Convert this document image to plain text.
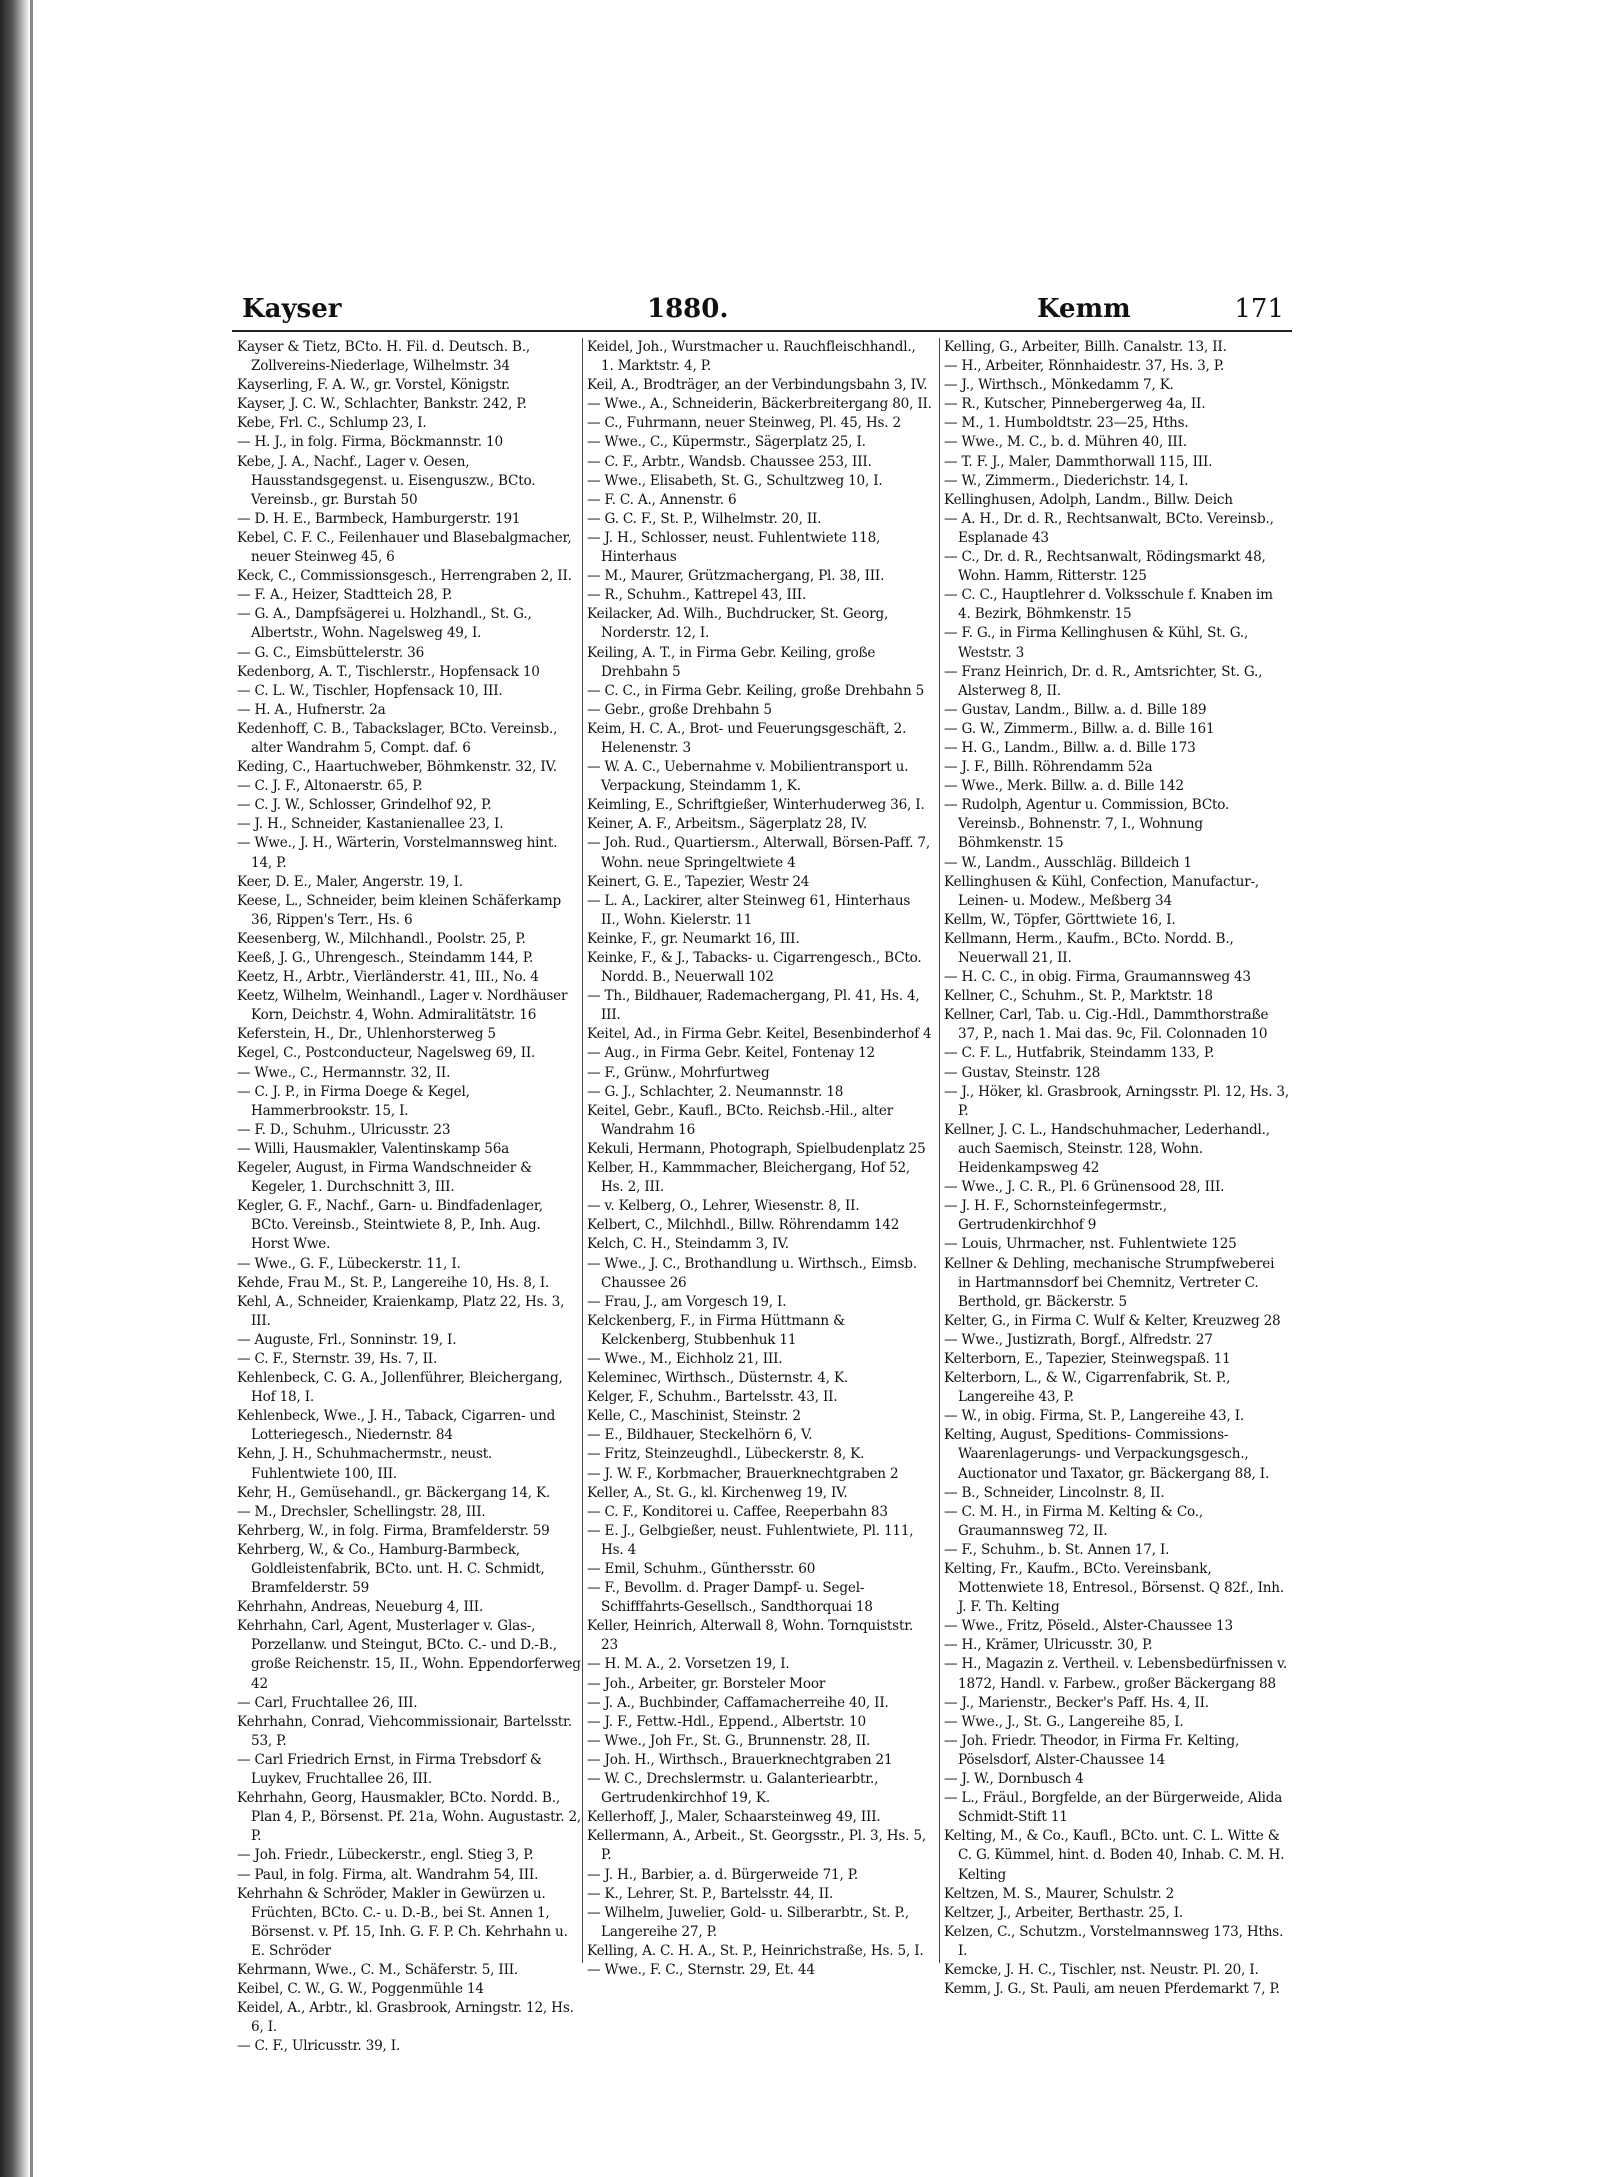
Kayser	1880.	Kemm	171

Kayser & Tietz, BCto. H. Fil. d. Deutsch. B., Zollvereins-Niederlage, Wilhelmstr. 34

Kayserling, F. A. W., gr. Vorstel, Königstr.

Kayser, J. C. W., Schlachter, Bankstr. 242, P.

Kebe, Frl. C., Schlump 23, I.

— H. J., in folg. Firma, Böckmannstr. 10

Kebe, J. A., Nachf., Lager v. Oesen, Hausstandsgegenst. u. Eisenguszw., BCto. Vereinsb., gr. Burstah 50

— D. H. E., Barmbeck, Hamburgerstr. 191

Kebel, C. F. C., Feilenhauer und Blasebalgmacher, neuer Steinweg 45, 6

Keck, C., Commissionsgesch., Herrengraben 2, II.

— F. A., Heizer, Stadtteich 28, P.

— G. A., Dampfsägerei u. Holzhandl., St. G., Albertstr., Wohn. Nagelsweg 49, I.

— G. C., Eimsbüttelerstr. 36

Kedenborg, A. T., Tischlerstr., Hopfensack 10

— C. L. W., Tischler, Hopfensack 10, III.

— H. A., Hufnerstr. 2a

Kedenhoff, C. B., Tabackslager, BCto. Vereinsb., alter Wandrahm 5, Compt. daf. 6

Keding, C., Haartuchweber, Böhmkenstr. 32, IV.

— C. J. F., Altonaerstr. 65, P.

— C. J. W., Schlosser, Grindelhof 92, P.

— J. H., Schneider, Kastanienallee 23, I.

— Wwe., J. H., Wärterin, Vorstelmannsweg hint. 14, P.

Keer, D. E., Maler, Angerstr. 19, I.

Keese, L., Schneider, beim kleinen Schäferkamp 36, Rippen's Terr., Hs. 6

Keesenberg, W., Milchhandl., Poolstr. 25, P.

Keeß, J. G., Uhrengesch., Steindamm 144, P.

Keetz, H., Arbtr., Vierländerstr. 41, III., No. 4

Keetz, Wilhelm, Weinhandl., Lager v. Nordhäuser Korn, Deichstr. 4, Wohn. Admiralitätstr. 16

Keferstein, H., Dr., Uhlenhorsterweg 5

Kegel, C., Postconducteur, Nagelsweg 69, II.

— Wwe., C., Hermannstr. 32, II.

— C. J. P., in Firma Doege & Kegel, Hammerbrookstr. 15, I.

— F. D., Schuhm., Ulricusstr. 23

— Willi, Hausmakler, Valentinskamp 56a

Kegeler, August, in Firma Wandschneider & Kegeler, 1. Durchschnitt 3, III.

Kegler, G. F., Nachf., Garn- u. Bindfadenlager, BCto. Vereinsb., Steintwiete 8, P., Inh. Aug. Horst Wwe.

— Wwe., G. F., Lübeckerstr. 11, I.

Kehde, Frau M., St. P., Langereihe 10, Hs. 8, I.

Kehl, A., Schneider, Kraienkamp, Platz 22, Hs. 3, III.

— Auguste, Frl., Sonninstr. 19, I.

— C. F., Sternstr. 39, Hs. 7, II.

Kehlenbeck, C. G. A., Jollenführer, Bleichergang, Hof 18, I.

Kehlenbeck, Wwe., J. H., Taback, Cigarren- und Lotteriegesch., Niedernstr. 84

Kehn, J. H., Schuhmachermstr., neust. Fuhlentwiete 100, III.

Kehr, H., Gemüsehandl., gr. Bäckergang 14, K.

— M., Drechsler, Schellingstr. 28, III.

Kehrberg, W., in folg. Firma, Bramfelderstr. 59

Kehrberg, W., & Co., Hamburg-Barmbeck, Goldleistenfabrik, BCto. unt. H. C. Schmidt, Bramfelderstr. 59

Kehrhahn, Andreas, Neueburg 4, III.

Kehrhahn, Carl, Agent, Musterlager v. Glas-, Porzellanw. und Steingut, BCto. C.- und D.-B., große Reichenstr. 15, II., Wohn. Eppendorferweg 42

— Carl, Fruchtallee 26, III.

Kehrhahn, Conrad, Viehcommissionair, Bartelsstr. 53, P.

— Carl Friedrich Ernst, in Firma Trebsdorf & Luykev, Fruchtallee 26, III.

Kehrhahn, Georg, Hausmakler, BCto. Nordd. B., Plan 4, P., Börsenst. Pf. 21a, Wohn. Augustastr. 2, P.

— Joh. Friedr., Lübeckerstr., engl. Stieg 3, P.

— Paul, in folg. Firma, alt. Wandrahm 54, III.

Kehrhahn & Schröder, Makler in Gewürzen u. Früchten, BCto. C.- u. D.-B., bei St. Annen 1, Börsenst. v. Pf. 15, Inh. G. F. P. Ch. Kehrhahn u. E. Schröder

Kehrmann, Wwe., C. M., Schäferstr. 5, III.

Keibel, C. W., G. W., Poggenmühle 14

Keidel, A., Arbtr., kl. Grasbrook, Arningstr. 12, Hs. 6, I.

— C. F., Ulricusstr. 39, I.

Keidel, Joh., Wurstmacher u. Rauchfleischhandl., 1. Marktstr. 4, P.

Keil, A., Brodträger, an der Verbindungsbahn 3, IV.

— Wwe., A., Schneiderin, Bäckerbreitergang 80, II.

— C., Fuhrmann, neuer Steinweg, Pl. 45, Hs. 2

— Wwe., C., Küpermstr., Sägerplatz 25, I.

— C. F., Arbtr., Wandsb. Chaussee 253, III.

— Wwe., Elisabeth, St. G., Schultzweg 10, I.

— F. C. A., Annenstr. 6

— G. C. F., St. P., Wilhelmstr. 20, II.

— J. H., Schlosser, neust. Fuhlentwiete 118, Hinterhaus

— M., Maurer, Grützmachergang, Pl. 38, III.

— R., Schuhm., Kattrepel 43, III.

Keilacker, Ad. Wilh., Buchdrucker, St. Georg, Norderstr. 12, I.

Keiling, A. T., in Firma Gebr. Keiling, große Drehbahn 5

— C. C., in Firma Gebr. Keiling, große Drehbahn 5

— Gebr., große Drehbahn 5

Keim, H. C. A., Brot- und Feuerungsgeschäft, 2. Helenenstr. 3

— W. A. C., Uebernahme v. Mobilientransport u. Verpackung, Steindamm 1, K.

Keimling, E., Schriftgießer, Winterhuderweg 36, I.

Keiner, A. F., Arbeitsm., Sägerplatz 28, IV.

— Joh. Rud., Quartiersm., Alterwall, Börsen-Paff. 7, Wohn. neue Springeltwiete 4

Keinert, G. E., Tapezier, Westr 24

— L. A., Lackirer, alter Steinweg 61, Hinterhaus II., Wohn. Kielerstr. 11

Keinke, F., gr. Neumarkt 16, III.

Keinke, F., & J., Tabacks- u. Cigarrengesch., BCto. Nordd. B., Neuerwall 102

— Th., Bildhauer, Rademachergang, Pl. 41, Hs. 4, III.

Keitel, Ad., in Firma Gebr. Keitel, Besenbinderhof 4

— Aug., in Firma Gebr. Keitel, Fontenay 12

— F., Grünw., Mohrfurtweg

— G. J., Schlachter, 2. Neumannstr. 18

Keitel, Gebr., Kaufl., BCto. Reichsb.-Hil., alter Wandrahm 16

Kekuli, Hermann, Photograph, Spielbudenplatz 25

Kelber, H., Kammmacher, Bleichergang, Hof 52, Hs. 2, III.

— v. Kelberg, O., Lehrer, Wiesenstr. 8, II.

Kelbert, C., Milchhdl., Billw. Röhrendamm 142

Kelch, C. H., Steindamm 3, IV.

— Wwe., J. C., Brothandlung u. Wirthsch., Eimsb. Chaussee 26

— Frau, J., am Vorgesch 19, I.

Kelckenberg, F., in Firma Hüttmann & Kelckenberg, Stubbenhuk 11

— Wwe., M., Eichholz 21, III.

Keleminec, Wirthsch., Düsternstr. 4, K.

Kelger, F., Schuhm., Bartelsstr. 43, II.

Kelle, C., Maschinist, Steinstr. 2

— E., Bildhauer, Steckelhörn 6, V.

— Fritz, Steinzeughdl., Lübeckerstr. 8, K.

— J. W. F., Korbmacher, Brauerknechtgraben 2

Keller, A., St. G., kl. Kirchenweg 19, IV.

— C. F., Konditorei u. Caffee, Reeperbahn 83

— E. J., Gelbgießer, neust. Fuhlentwiete, Pl. 111, Hs. 4

— Emil, Schuhm., Günthersstr. 60

— F., Bevollm. d. Prager Dampf- u. Segel-Schifffahrts-Gesellsch., Sandthorquai 18

Keller, Heinrich, Alterwall 8, Wohn. Tornquiststr. 23

— H. M. A., 2. Vorsetzen 19, I.

— Joh., Arbeiter, gr. Borsteler Moor

— J. A., Buchbinder, Caffamacherreihe 40, II.

— J. F., Fettw.-Hdl., Eppend., Albertstr. 10

— Wwe., Joh Fr., St. G., Brunnenstr. 28, II.

— Joh. H., Wirthsch., Brauerknechtgraben 21

— W. C., Drechslermstr. u. Galanteriearbtr., Gertrudenkirchhof 19, K.

Kellerhoff, J., Maler, Schaarsteinweg 49, III.

Kellermann, A., Arbeit., St. Georgsstr., Pl. 3, Hs. 5, P.

— J. H., Barbier, a. d. Bürgerweide 71, P.

— K., Lehrer, St. P., Bartelsstr. 44, II.

— Wilhelm, Juwelier, Gold- u. Silberarbtr., St. P., Langereihe 27, P.

Kelling, A. C. H. A., St. P., Heinrichstraße, Hs. 5, I.

— Wwe., F. C., Sternstr. 29, Et. 44

Kelling, G., Arbeiter, Billh. Canalstr. 13, II.

— H., Arbeiter, Rönnhaidestr. 37, Hs. 3, P.

— J., Wirthsch., Mönkedamm 7, K.

— R., Kutscher, Pinnebergerweg 4a, II.

— M., 1. Humboldtstr. 23—25, Hths.

— Wwe., M. C., b. d. Mühren 40, III.

— T. F. J., Maler, Dammthorwall 115, III.

— W., Zimmerm., Diederichstr. 14, I.

Kellinghusen, Adolph, Landm., Billw. Deich

— A. H., Dr. d. R., Rechtsanwalt, BCto. Vereinsb., Esplanade 43

— C., Dr. d. R., Rechtsanwalt, Rödingsmarkt 48, Wohn. Hamm, Ritterstr. 125

— C. C., Hauptlehrer d. Volksschule f. Knaben im 4. Bezirk, Böhmkenstr. 15

— F. G., in Firma Kellinghusen & Kühl, St. G., Weststr. 3

— Franz Heinrich, Dr. d. R., Amtsrichter, St. G., Alsterweg 8, II.

— Gustav, Landm., Billw. a. d. Bille 189

— G. W., Zimmerm., Billw. a. d. Bille 161

— H. G., Landm., Billw. a. d. Bille 173

— J. F., Billh. Röhrendamm 52a

— Wwe., Merk. Billw. a. d. Bille 142

— Rudolph, Agentur u. Commission, BCto. Vereinsb., Bohnenstr. 7, I., Wohnung Böhmkenstr. 15

— W., Landm., Ausschläg. Billdeich 1

Kellinghusen & Kühl, Confection, Manufactur-, Leinen- u. Modew., Meßberg 34

Kellm, W., Töpfer, Görttwiete 16, I.

Kellmann, Herm., Kaufm., BCto. Nordd. B., Neuerwall 21, II.

— H. C. C., in obig. Firma, Graumannsweg 43

Kellner, C., Schuhm., St. P., Marktstr. 18

Kellner, Carl, Tab. u. Cig.-Hdl., Dammthorstraße 37, P., nach 1. Mai das. 9c, Fil. Colonnaden 10

— C. F. L., Hutfabrik, Steindamm 133, P.

— Gustav, Steinstr. 128

— J., Höker, kl. Grasbrook, Arningsstr. Pl. 12, Hs. 3, P.

Kellner, J. C. L., Handschuhmacher, Lederhandl., auch Saemisch, Steinstr. 128, Wohn. Heidenkampsweg 42

— Wwe., J. C. R., Pl. 6 Grünensood 28, III.

— J. H. F., Schornsteinfegermstr., Gertrudenkirchhof 9

— Louis, Uhrmacher, nst. Fuhlentwiete 125

Kellner & Dehling, mechanische Strumpfweberei in Hartmannsdorf bei Chemnitz, Vertreter C. Berthold, gr. Bäckerstr. 5

Kelter, G., in Firma C. Wulf & Kelter, Kreuzweg 28

— Wwe., Justizrath, Borgf., Alfredstr. 27

Kelterborn, E., Tapezier, Steinwegspaß. 11

Kelterborn, L., & W., Cigarrenfabrik, St. P., Langereihe 43, P.

— W., in obig. Firma, St. P., Langereihe 43, I.

Kelting, August, Speditions- Commissions-Waarenlagerungs- und Verpackungsgesch., Auctionator und Taxator, gr. Bäckergang 88, I.

— B., Schneider, Lincolnstr. 8, II.

— C. M. H., in Firma M. Kelting & Co., Graumannsweg 72, II.

— F., Schuhm., b. St. Annen 17, I.

Kelting, Fr., Kaufm., BCto. Vereinsbank, Mottenwiete 18, Entresol., Börsenst. Q 82f., Inh. J. F. Th. Kelting

— Wwe., Fritz, Pöseld., Alster-Chaussee 13

— H., Krämer, Ulricusstr. 30, P.

— H., Magazin z. Vertheil. v. Lebensbedürfnissen v. 1872, Handl. v. Farbew., großer Bäckergang 88

— J., Marienstr., Becker's Paff. Hs. 4, II.

— Wwe., J., St. G., Langereihe 85, I.

— Joh. Friedr. Theodor, in Firma Fr. Kelting, Pöselsdorf, Alster-Chaussee 14

— J. W., Dornbusch 4

— L., Fräul., Borgfelde, an der Bürgerweide, Alida Schmidt-Stift 11

Kelting, M., & Co., Kaufl., BCto. unt. C. L. Witte & C. G. Kümmel, hint. d. Boden 40, Inhab. C. M. H. Kelting

Keltzen, M. S., Maurer, Schulstr. 2

Keltzer, J., Arbeiter, Berthastr. 25, I.

Kelzen, C., Schutzm., Vorstelmannsweg 173, Hths. I.

Kemcke, J. H. C., Tischler, nst. Neustr. Pl. 20, I.

Kemm, J. G., St. Pauli, am neuen Pferdemarkt 7, P.
